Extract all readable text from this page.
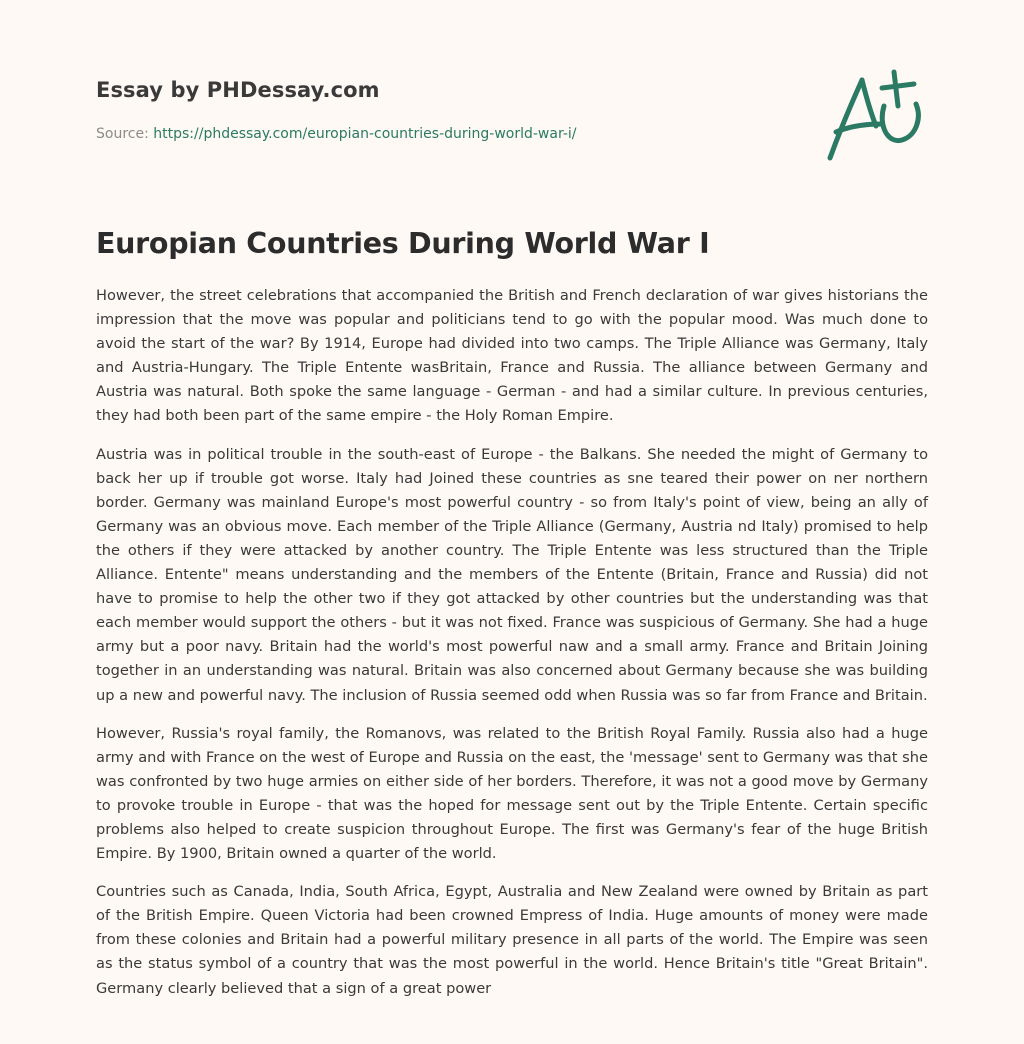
Essay by PHDessay.com
Source: https://phdessay.com/europian-countries-during-world-war-i/
Europian Countries During World War I

However, the street celebrations that accompanied the British and French declaration of war gives historians the impression that the move was popular and politicians tend to go with the popular mood. Was much done to avoid the start of the war? By 1914, Europe had divided into two camps. The Triple Alliance was Germany, Italy and Austria-Hungary. The Triple Entente wasBritain, France and Russia. The alliance between Germany and Austria was natural. Both spoke the same language - German - and had a similar culture. In previous centuries, they had both been part of the same empire - the Holy Roman Empire.

Austria was in political trouble in the south-east of Europe - the Balkans. She needed the might of Germany to back her up if trouble got worse. Italy had Joined these countries as sne teared their power on ner northern border. Germany was mainland Europe's most powerful country - so from Italy's point of view, being an ally of Germany was an obvious move. Each member of the Triple Alliance (Germany, Austria nd Italy) promised to help the others if they were attacked by another country. The Triple Entente was less structured than the Triple Alliance. Entente" means understanding and the members of the Entente (Britain, France and Russia) did not have to promise to help the other two if they got attacked by other countries but the understanding was that each member would support the others - but it was not fixed. France was suspicious of Germany. She had a huge army but a poor navy. Britain had the world's most powerful naw and a small army. France and Britain Joining together in an understanding was natural. Britain was also concerned about Germany because she was building up a new and powerful navy. The inclusion of Russia seemed odd when Russia was so far from France and Britain.

However, Russia's royal family, the Romanovs, was related to the British Royal Family. Russia also had a huge army and with France on the west of Europe and Russia on the east, the 'message' sent to Germany was that she was confronted by two huge armies on either side of her borders. Therefore, it was not a good move by Germany to provoke trouble in Europe - that was the hoped for message sent out by the Triple Entente. Certain specific problems also helped to create suspicion throughout Europe. The first was Germany's fear of the huge British Empire. By 1900, Britain owned a quarter of the world.

Countries such as Canada, India, South Africa, Egypt, Australia and New Zealand were owned by Britain as part of the British Empire. Queen Victoria had been crowned Empress of India. Huge amounts of money were made from these colonies and Britain had a powerful military presence in all parts of the world. The Empire was seen as the status symbol of a country that was the most powerful in the world. Hence Britain's title "Great Britain". Germany clearly believed that a sign of a great power
